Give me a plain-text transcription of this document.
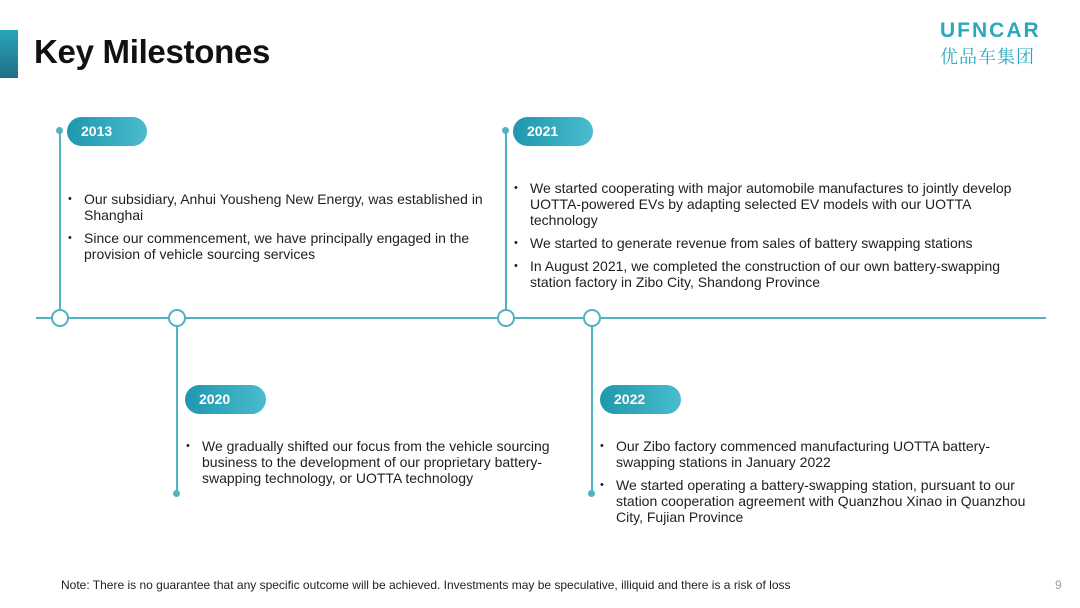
Key Milestones
UFNCAR
优品车集团
2013
• Our subsidiary, Anhui Yousheng New Energy, was established in Shanghai
• Since our commencement, we have principally engaged in the provision of vehicle sourcing services
2020
• We gradually shifted our focus from the vehicle sourcing business to the development of our proprietary battery-swapping technology, or UOTTA technology
2021
• We started cooperating with major automobile manufactures to jointly develop UOTTA-powered EVs by adapting selected EV models with our UOTTA technology
• We started to generate revenue from sales of battery swapping stations
• In August 2021, we completed the construction of our own battery-swapping station factory in Zibo City, Shandong Province
2022
• Our Zibo factory commenced manufacturing UOTTA battery-swapping stations in January 2022
• We started operating a battery-swapping station, pursuant to our station cooperation agreement with Quanzhou Xinao in Quanzhou City, Fujian Province
Note: There is no guarantee that any specific outcome will be achieved. Investments may be speculative, illiquid and there is a risk of loss	9
